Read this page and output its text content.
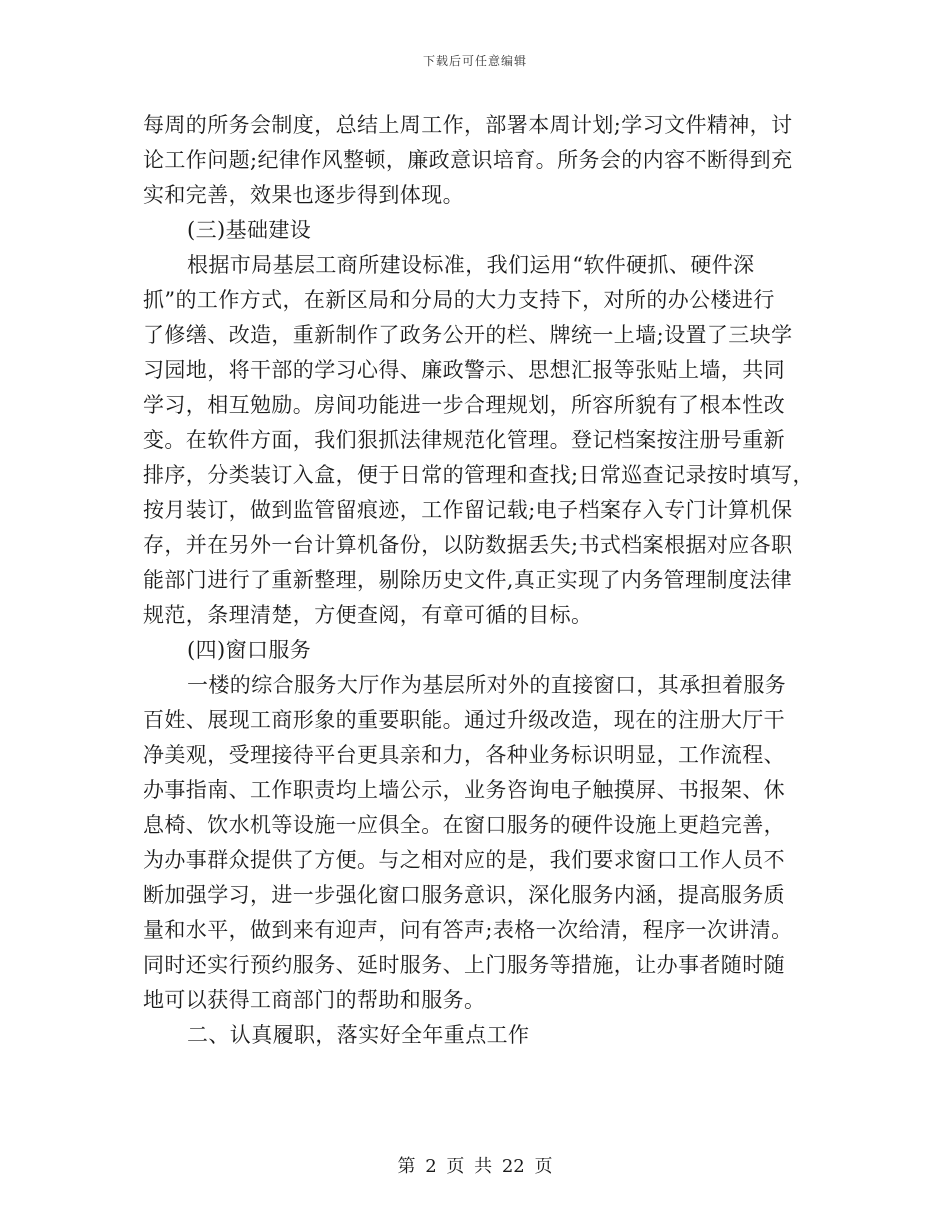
下载后可任意编辑
每周的所务会制度，总结上周工作，部署本周计划;学习文件精神，讨
论工作问题;纪律作风整顿，廉政意识培育。所务会的内容不断得到充
实和完善，效果也逐步得到体现。
(三)基础建设
根据市局基层工商所建设标准，我们运用“软件硬抓、硬件深
抓”的工作方式，在新区局和分局的大力支持下，对所的办公楼进行
了修缮、改造，重新制作了政务公开的栏、牌统一上墙;设置了三块学
习园地，将干部的学习心得、廉政警示、思想汇报等张贴上墙，共同
学习，相互勉励。房间功能进一步合理规划，所容所貌有了根本性改
变。在软件方面，我们狠抓法律规范化管理。登记档案按注册号重新
排序，分类装订入盒，便于日常的管理和查找;日常巡查记录按时填写，
按月装订，做到监管留痕迹，工作留记载;电子档案存入专门计算机保
存，并在另外一台计算机备份，以防数据丢失;书式档案根据对应各职
能部门进行了重新整理，剔除历史文件,真正实现了内务管理制度法律
规范，条理清楚，方便查阅，有章可循的目标。
(四)窗口服务
一楼的综合服务大厅作为基层所对外的直接窗口，其承担着服务
百姓、展现工商形象的重要职能。通过升级改造，现在的注册大厅干
净美观，受理接待平台更具亲和力，各种业务标识明显，工作流程、
办事指南、工作职责均上墙公示，业务咨询电子触摸屏、书报架、休
息椅、饮水机等设施一应俱全。在窗口服务的硬件设施上更趋完善，
为办事群众提供了方便。与之相对应的是，我们要求窗口工作人员不
断加强学习，进一步强化窗口服务意识，深化服务内涵，提高服务质
量和水平，做到来有迎声，问有答声;表格一次给清，程序一次讲清。
同时还实行预约服务、延时服务、上门服务等措施，让办事者随时随
地可以获得工商部门的帮助和服务。
二、认真履职，落实好全年重点工作
第 2 页 共 22 页
